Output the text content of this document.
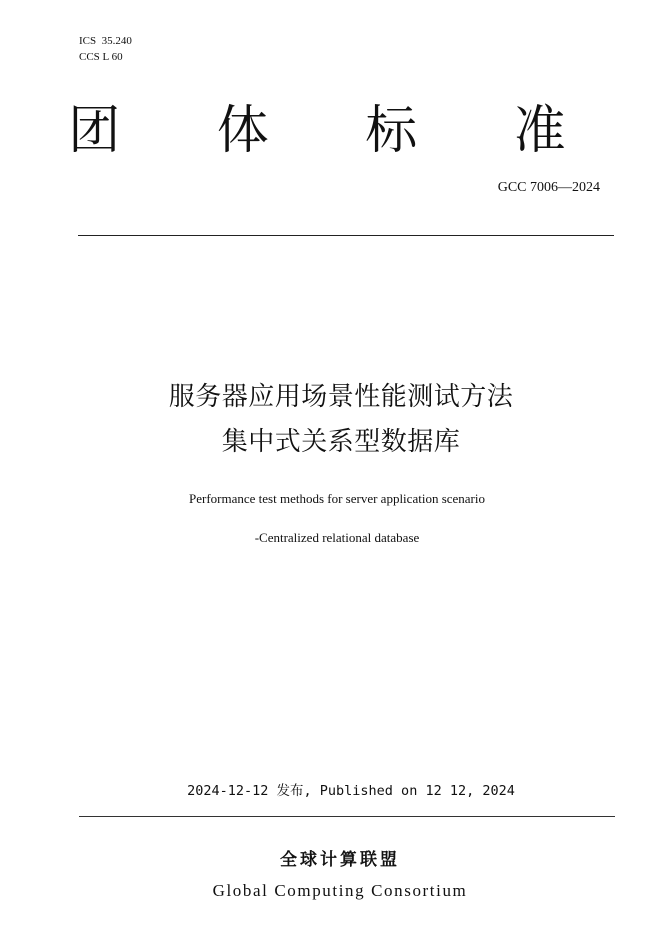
ICS  35.240
CCS L 60
团 体 标 准
GCC 7006—2024
服务器应用场景性能测试方法
集中式关系型数据库
Performance test methods for server application scenario
-Centralized relational database
2024-12-12 发布, Published on 12 12, 2024
全球计算联盟
Global Computing Consortium
